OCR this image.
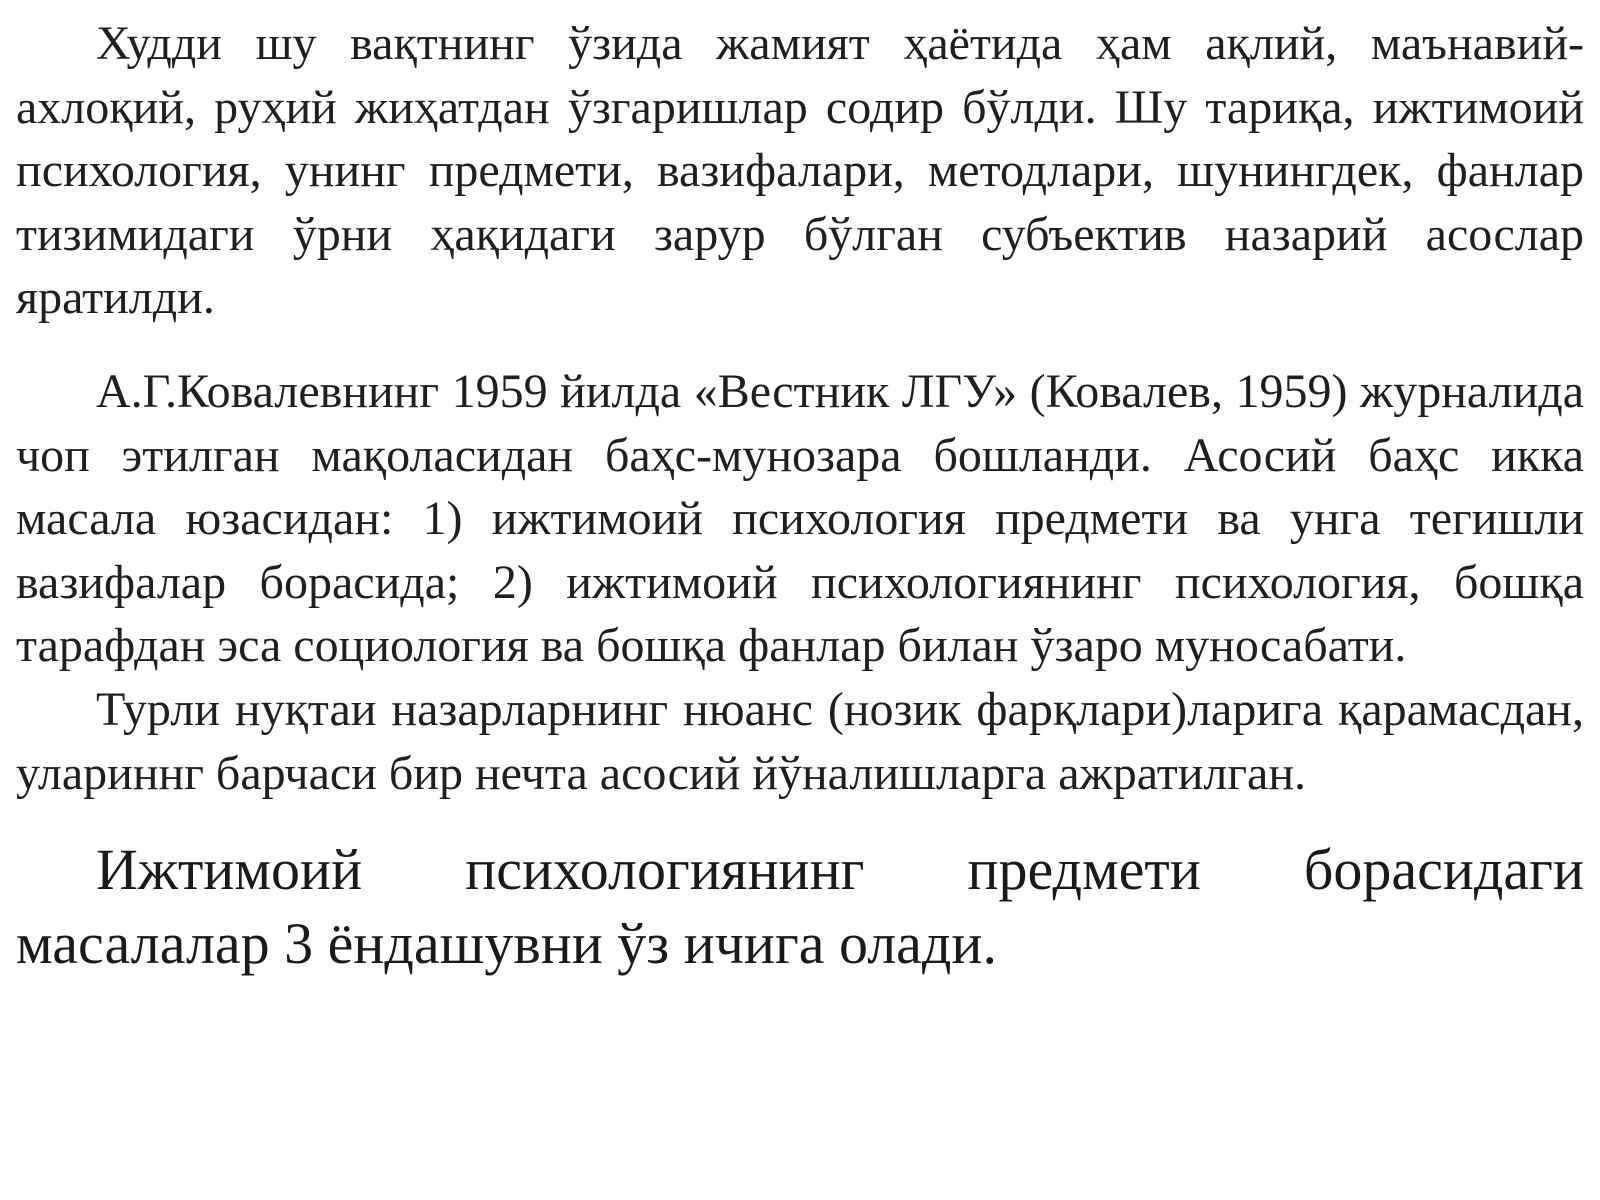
Худди шу вақтнинг ўзида жамият ҳаётида ҳам ақлий, маънавий-ахлоқий, руҳий жиҳатдан ўзгаришлар содир бўлди. Шу тариқа, ижтимоий психология, унинг предмети, вазифалари, методлари, шунингдек, фанлар тизимидаги ўрни ҳақидаги зарур бўлган субъектив назарий асослар яратилди.

А.Г.Ковалевнинг 1959 йилда «Вестник ЛГУ» (Ковалев, 1959) журналида чоп этилган мақоласидан баҳс-мунозара бошланди. Асосий баҳс икка масала юзасидан: 1) ижтимоий психология предмети ва унга тегишли вазифалар борасида; 2) ижтимоий психологиянинг психология, бошқа тарафдан эса социология ва бошқа фанлар билан ўзаро муносабати.

Турли нуқтаи назарларнинг нюанс (нозик фарқлари)ларига қарамасдан, улариннг барчаси бир нечта асосий йўналишларга ажратилган.

Ижтимоий психологиянинг предмети борасидаги масалалар 3 ёндашувни ўз ичига олади.
